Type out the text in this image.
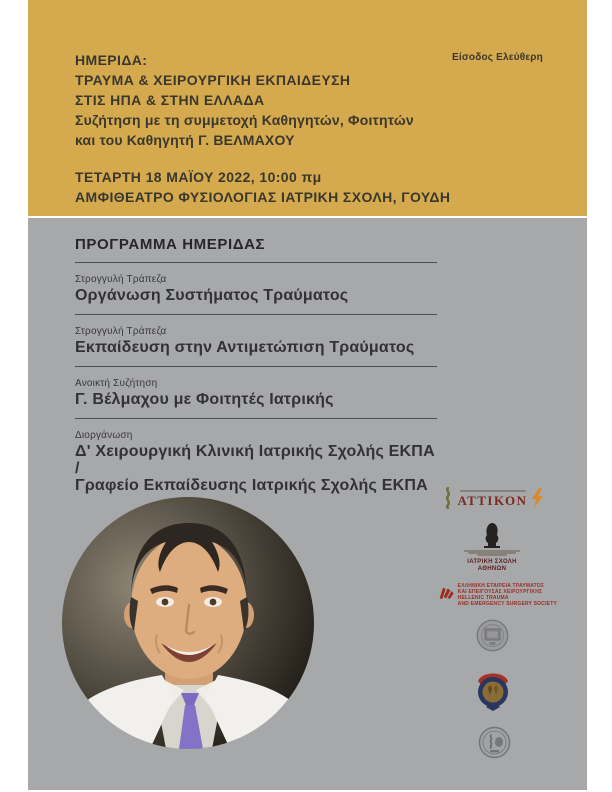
Είσοδος Ελεύθερη
ΗΜΕΡΙΔΑ:
ΤΡΑΥΜΑ & ΧΕΙΡΟΥΡΓΙΚΗ ΕΚΠΑΙΔΕΥΣΗ
ΣΤΙΣ ΗΠΑ & ΣΤΗΝ ΕΛΛΑΔΑ
Συζήτηση με τη συμμετοχή Καθηγητών, Φοιτητών
και του Καθηγητή Γ. ΒΕΛΜΑΧΟΥ
ΤΕΤΑΡΤΗ 18 ΜΑΪΟΥ 2022, 10:00 πμ
ΑΜΦΙΘΕΑΤΡΟ ΦΥΣΙΟΛΟΓΙΑΣ ΙΑΤΡΙΚΗ ΣΧΟΛΗ, ΓΟΥΔΗ
ΠΡΟΓΡΑΜΜΑ ΗΜΕΡΙΔΑΣ
Στρογγυλή Τράπεζα
Οργάνωση Συστήματος Τραύματος
Στρογγυλή Τράπεζα
Εκπαίδευση στην Αντιμετώπιση Τραύματος
Ανοικτή Συζήτηση
Γ. Βέλμαχου με Φοιτητές Ιατρικής
Διοργάνωση
Δ' Χειρουργική Κλινική Ιατρικής Σχολής ΕΚΠΑ /
Γραφείο Εκπαίδευσης Ιατρικής Σχολής ΕΚΠΑ
ΑΤΤΙΚΟΝ
ΙΑΤΡΙΚΗ ΣΧΟΛΗ
ΑΘΗΝΩΝ
ΕΛΛΗΝΙΚΗ ΕΤΑΙΡΕΙΑ ΤΡΑΥΜΑΤΟΣ
ΚΑΙ ΕΠΕΙΓΟΥΣΑΣ ΧΕΙΡΟΥΡΓΙΚΗΣ
HELLENIC TRAUMA
AND EMERGENCY SURGERY SOCIETY
